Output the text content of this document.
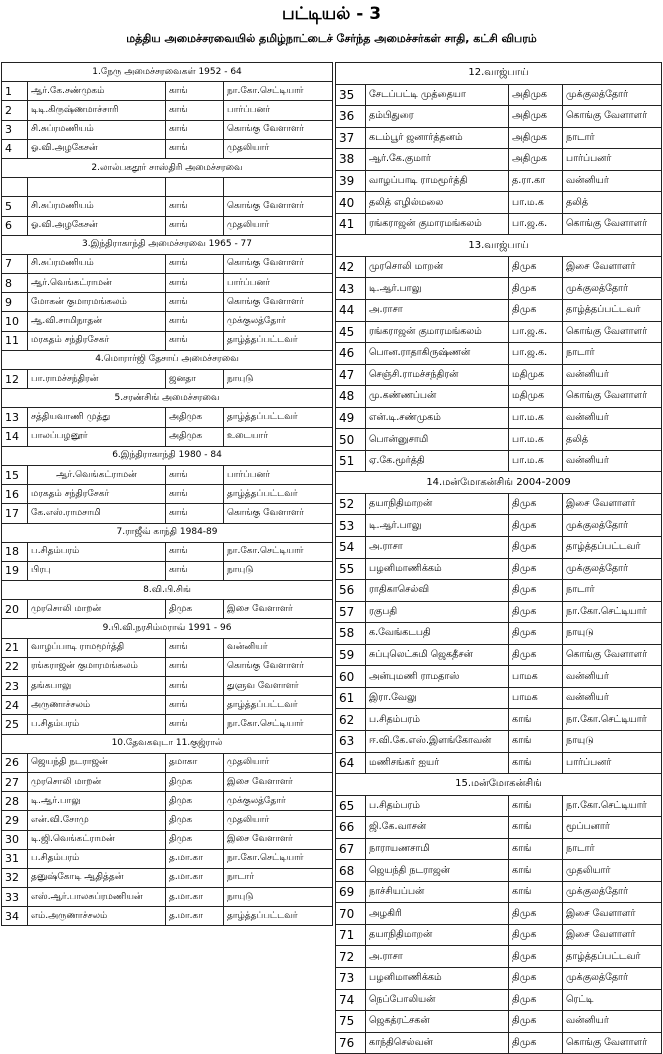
பட்டியல் - 3
மத்திய அமைச்சரவையில் தமிழ்நாட்டைச் சேர்ந்த அமைச்சர்கள் சாதி, கட்சி விபரம்
1.நேரு அமைச்சரவைகள் 1952 - 64			
1	ஆர்.கே.சண்முகம்	காங்	நா.கோ.செட்டியார்
2	டிடி.கிருஷ்ணமாச்சாரி	காங்	பார்ப்பனர்
3	சி.சுப்ரமணியம்	காங்	கொங்கு வேளாளர்
4	ஓ.வி.அழகேசன்	காங்	முதலியார்
2.லால்பகதூர் சாஸ்திரி அமைச்சரவை			

5	சி.சுப்ரமணியம்	காங்	கொங்கு வேளாளர்
6	ஓ.வி.அழகேசன்	காங்	முதலியார்
3.இந்திராகாந்தி அமைச்சரவை 1965 - 77			
7	சி.சுப்ரமணியம்	காங்	கொங்கு வேளாளர்
8	ஆர்.வெங்கட்ராமன்	காங்	பார்ப்பனர்
9	மோகன் குமாரமங்கலம்	காங்	கொங்கு வேளாளர்
10	ஆ.வி.சாமிநாதன்	காங்	முக்குலத்தோர்
11	மரகதம் சந்திரசேகர்	காங்	தாழ்த்தப்பட்டவர்
4.மொரார்ஜி தேசாய் அமைச்சரவை			
12	பா.ராமச்சந்திரன்	ஜனதா	நாயுடு
5.சரண்சிங் அமைச்சரவை			
13	சத்தியவாணி முத்து	அதிமுக	தாழ்த்தப்பட்டவர்
14	பாலப்பழனூர்	அதிமுக	உடையார்
6.இந்திராகாந்தி 1980 - 84			
15	ஆர்.வெங்கட்ராமன்	காங்	பார்ப்பனர்
16	மரகதம் சந்திரசேகர்	காங்	தாழ்த்தப்பட்டவர்
17	கே.எஸ்.ராமசாமி	காங்	கொங்கு வேளாளர்
7.ராஜீவ் காந்தி 1984-89			
18	ப.சிதம்பரம்	காங்	நா.கோ.செட்டியார்
19	பிரபு	காங்	நாயுடு
8.வி.பி.சிங்			
20	முரசொலி மாறன்	திமுக	இசை வேளாளர்
9.பி.வி.நரசிம்மராவ் 1991 - 96			
21	வாழப்பாடி ராமமூர்த்தி	காங்	வன்னியர்
22	ரங்கராஜன் குமாரமங்கலம்	காங்	கொங்கு வேளாளர்
23	தங்கபாலு	காங்	துளுவ வேளாளர்
24	அருணாச்சலம்	காங்	தாழ்த்தப்பட்டவர்
25	ப.சிதம்பரம்	காங்	நா.கோ.செட்டியார்
10.தேவகவுடா 11.குஜ்ரால்			
26	ஜெயந்தி நடராஜன்	தமாகா	முதலியார்
27	முரசொலி மாறன்	திமுக	இசை வேளாளர்
28	டி.ஆர்.பாலு	திமுக	முக்குலத்தோர்
29	என்.வி.சோமு	திமுக	முதலியார்
30	டி.ஜி.வெங்கட்ராமன்	திமுக	இசை வேளாளர்
31	ப.சிதம்பரம்	த.மா.கா	நா.கோ.செட்டியார்
32	தனுஷ்கோடி ஆதித்தன்	த.மா.கா	நாடார்
33	எஸ்.ஆர்.பாலசுப்ரமணியன்	த.மா.கா	நாயுடு
34	எம்.அருணாச்சலம்	த.மா.கா	தாழ்த்தப்பட்டவர்
12.வாஜ்பாய்			
35	சேடப்பட்டி முத்தையா	அதிமுக	முக்குலத்தோர்
36	தம்பிதுரை	அதிமுக	கொங்கு வேளாளர்
37	கடம்பூர் ஜனார்த்தனம்	அதிமுக	நாடார்
38	ஆர்.கே.குமார்	அதிமுக	பார்ப்பனர்
39	வாழப்பாடி ராமமூர்த்தி	த.ரா.கா	வன்னியர்
40	தலித் எழில்மலை	பா.ம.க	தலித்
41	ரங்கராஜன் குமாரமங்கலம்	பா.ஜ.க.	கொங்கு வேளாளர்
13.வாஜ்பாய்			
42	முரசொலி மாறன்	திமுக	இசை வேளாளர்
43	டி.ஆர்.பாலு	திமுக	முக்குலத்தோர்
44	அ.ராசா	திமுக	தாழ்த்தப்பட்டவர்
45	ரங்கராஜன் குமாரமங்கலம்	பா.ஜ.க.	கொங்கு வேளாளர்
46	பொன.ராதாகிருஷ்ணன்	பா.ஜ.க.	நாடார்
47	செஞ்சி.ராமச்சந்திரன்	மதிமுக	வன்னியர்
48	மு.கண்ணப்பன்	மதிமுக	கொங்கு வேளாளர்
49	என்.டி.சண்முகம்	பா.ம.க	வன்னியர்
50	பொன்னுசாமி	பா.ம.க	தலித்
51	ஏ.கே.மூர்த்தி	பா.ம.க	வன்னியர்
14.மன்மோகன்சிங் 2004-2009			
52	தயாநிதிமாறன்	திமுக	இசை வேளாளர்
53	டி.ஆர்.பாலு	திமுக	முக்குலத்தோர்
54	அ.ராசா	திமுக	தாழ்த்தப்பட்டவர்
55	பழனிமாணிக்கம்	திமுக	முக்குலத்தோர்
56	ராதிகாசெல்வி	திமுக	நாடார்
57	ரகுபதி	திமுக	நா.கோ.செட்டியார்
58	க.வேங்கடபதி	திமுக	நாயுடு
59	சுப்புலெட்சுமி ஜெகதீசன்	திமுக	கொங்கு வேளாளர்
60	அன்புமணி ராமதாஸ்	பாமக	வன்னியர்
61	இரா.வேலு	பாமக	வன்னியர்
62	ப.சிதம்பரம்	காங்	நா.கோ.செட்டியார்
63	ஈ.வி.கே.எஸ்.இளங்கோவன்	காங்	நாயுடு
64	மணிசங்கர் ஐயர்	காங்	பார்ப்பனர்
15.மன்மோகன்சிங்			
65	ப.சிதம்பரம்	காங்	நா.கோ.செட்டியார்
66	ஜி.கே.வாசன்	காங்	மூப்பனார்
67	நாராயணசாமி	காங்	நாடார்
68	ஜெயந்தி நடராஜன்	காங்	முதலியார்
69	நாச்சியப்பன்	காங்	முக்குலத்தோர்
70	அழகிரி	திமுக	இசை வேளாளர்
71	தயாநிதிமாறன்	திமுக	இசை வேளாளர்
72	அ.ராசா	திமுக	தாழ்த்தப்பட்டவர்
73	பழனிமாணிக்கம்	திமுக	முக்குலத்தோர்
74	நெப்போலியன்	திமுக	ரெட்டி
75	ஜெகத்ரட்சகன்	திமுக	வன்னியர்
76	காந்திசெல்வன்	திமுக	கொங்கு வேளாளர்
